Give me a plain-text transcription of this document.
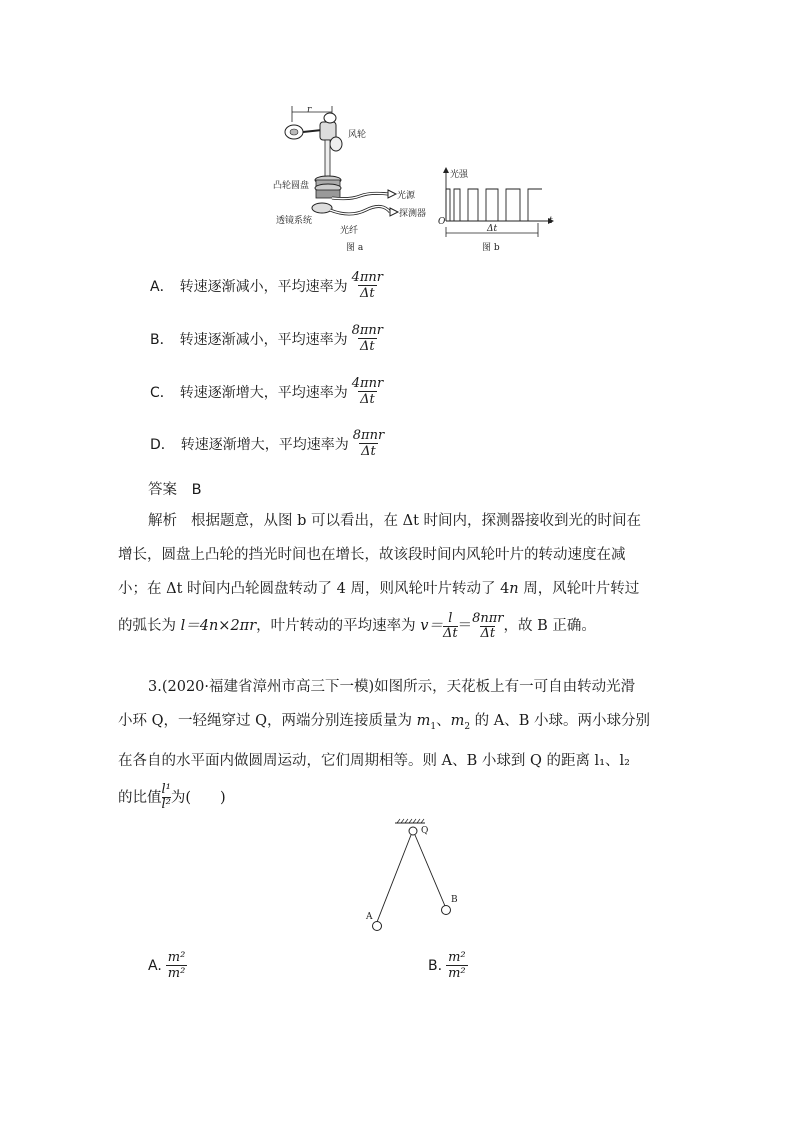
r
风轮
凸轮圆盘
光源
透镜系统
探测器
光纤
图 a
光强
O	t
Δt
图 b
A． 转速逐渐减小，平均速率为 $\frac{\text{4πnr}}{\Delta t}$
B． 转速逐渐减小，平均速率为 $\frac{\text{8πnr}}{\Delta t}$
C． 转速逐渐增大，平均速率为 $\frac{\text{4πnr}}{\Delta t}$
D． 转速逐渐增大，平均速率为 $\frac{\text{8πnr}}{\Delta t}$
答案 B
解析 根据题意，从图 b 可以看出，在 Δt 时间内，探测器接收到光的时间在
增长，圆盘上凸轮的挡光时间也在增长，故该段时间内风轮叶片的转动速度在减
小；在 Δt 时间内凸轮圆盘转动了 4 周，则风轮叶片转动了 4n 周，风轮叶片转过
的弧长为 l＝4n×2πr，叶片转动的平均速率为 $v= \frac{l}{\Delta t} = \frac{\text{8nπr}}{\Delta t}$ ，故 B 正确。
3.(2020·福建省漳州市高三下一模)如图所示，天花板上有一可自由转动光滑
小环 Q，一轻绳穿过 Q，两端分别连接质量为 $m_1$、$m_2$ 的 A、B 小球。两小球分别
在各自的水平面内做圆周运动，它们周期相等。则 A、B 小球到 Q 的距离 l₁、l₂
的比值 $\frac{\text{l¹}}{\text{l²}}$ 为(　　)
Q
A
B
A. $\frac{\text{m²}}{\text{m²}}$	B. $\frac{\text{m²}}{\text{m²}}$
